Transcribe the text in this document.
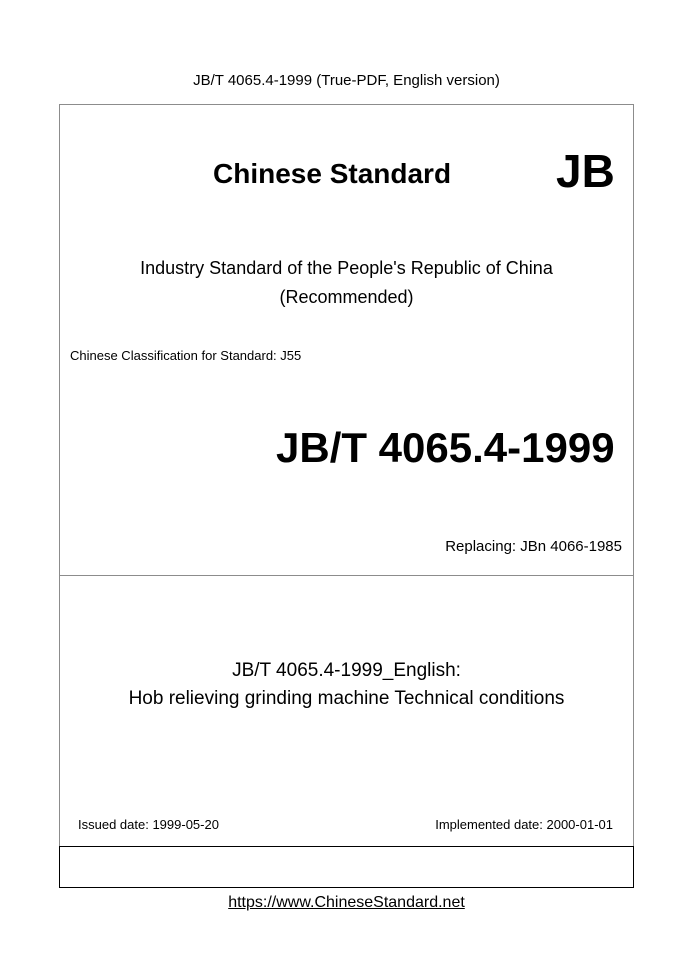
JB/T 4065.4-1999 (True-PDF, English version)
Chinese Standard JB
Industry Standard of the People's Republic of China
(Recommended)
Chinese Classification for Standard: J55
JB/T 4065.4-1999
Replacing: JBn 4066-1985
JB/T 4065.4-1999_English:
Hob relieving grinding machine Technical conditions
Issued date: 1999-05-20	Implemented date: 2000-01-01
https://www.ChineseStandard.net
